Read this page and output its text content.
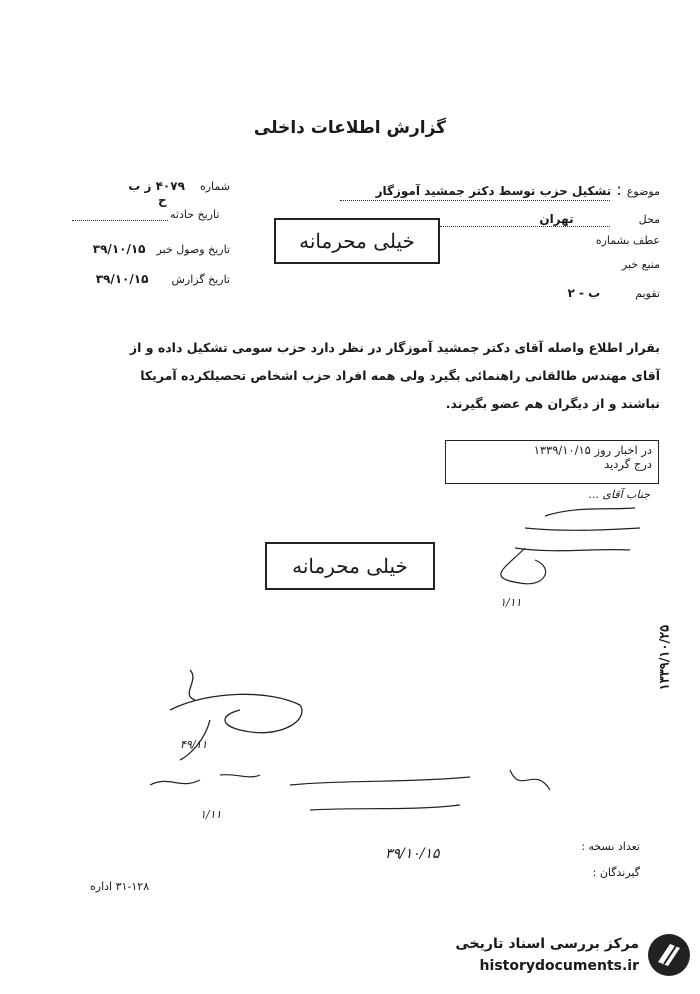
گزارش اطلاعات داخلی
موضوع : تشکیل حزب توسط دکتر جمشید آموزگار
محل تهران
عطف بشماره
منبع خبر
تقویم ب - ۲
خیلی محرمانه
شماره ۴۰۷۹ ز ب
ح
تاریخ حادثه
تاریخ وصول خبر ۳۹/۱۰/۱۵
تاریخ گزارش ۳۹/۱۰/۱۵
بقرار اطلاع واصله آقای دکتر جمشید آموزگار در نظر دارد حزب سومی تشکیل داده و از
آقای مهندس طالقانی راهنمائی بگیرد ولی همه افراد حزب اشخاص تحصیلکرده آمریکا
نباشند و از دیگران هم عضو بگیرند.
در اخبار روز ۱۳۳۹/۱۰/۱۵
درج گردید
جناب آقای ...
۱/۱۱
خیلی محرمانه
۱۳۳۹/۱۰/۲۵
۴۹/۱۱
۱/۱۱
۳۹/۱۰/۱۵	تعداد نسخه :
گیرندگان :
۳۱-۱۲۸ اداره
مرکز بررسی اسناد تاریخی
historydocuments.ir
